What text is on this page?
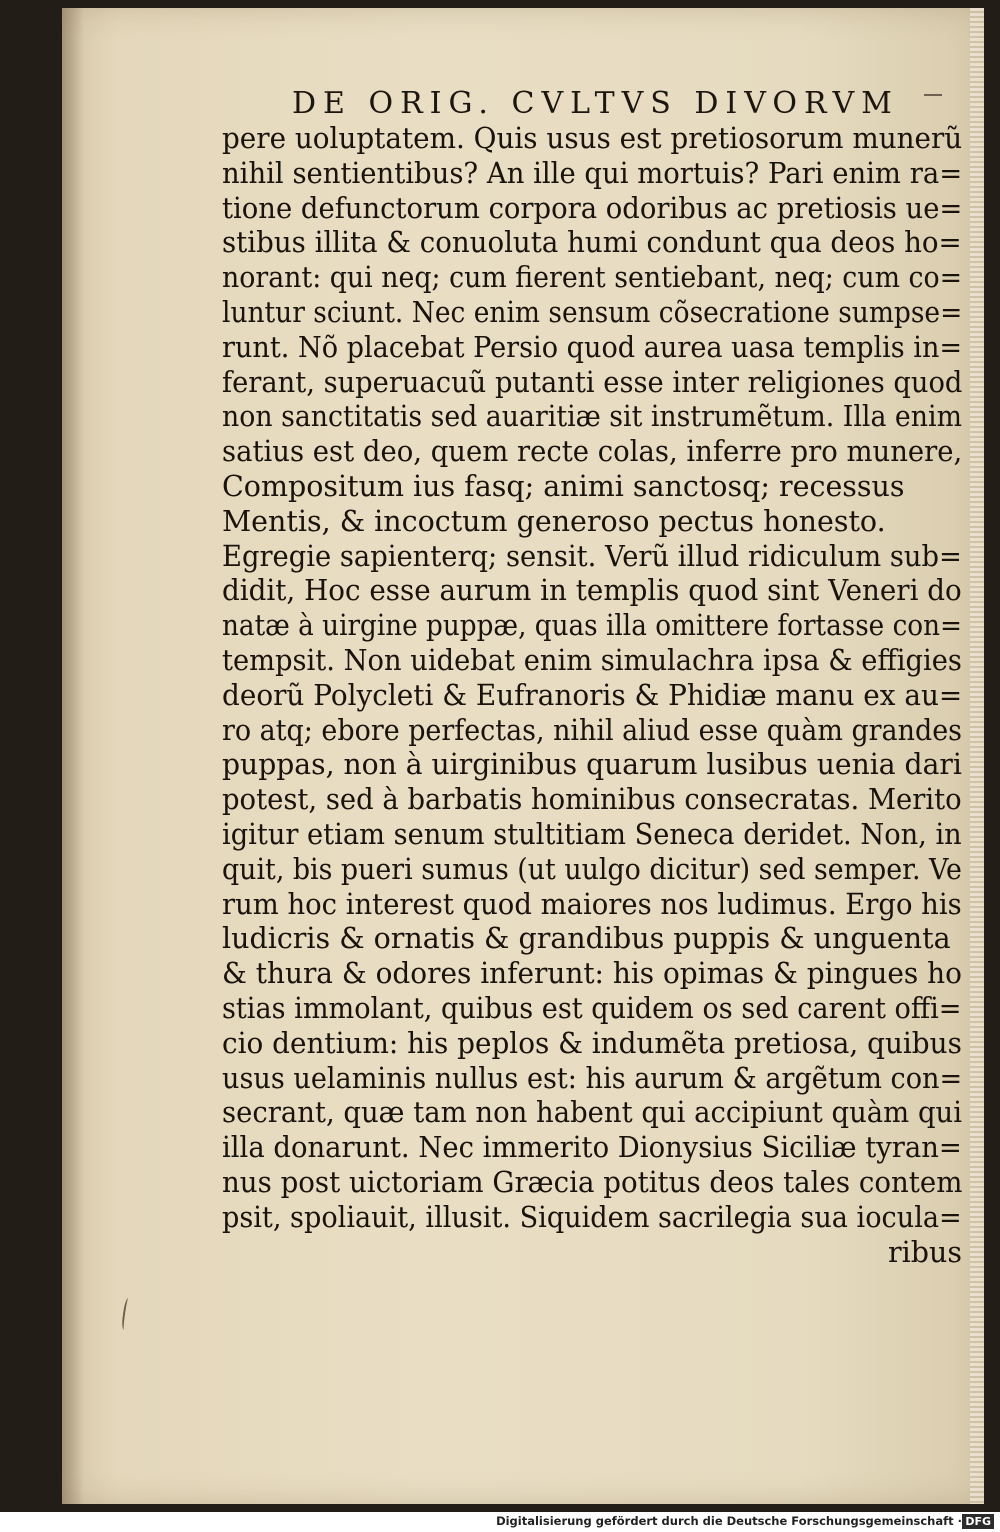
DE ORIG. CVLTVS DIVORVM
pere uoluptatem. Quis usus est pretiosorum munerũ
nihil sentientibus? An ille qui mortuis? Pari enim ra=
tione defunctorum corpora odoribus ac pretiosis ue=
stibus illita & conuoluta humi condunt qua deos ho=
norant: qui neq; cum fierent sentiebant, neq; cum co=
luntur sciunt. Nec enim sensum cõsecratione sumpse=
runt. Nõ placebat Persio quod aurea uasa templis in=
ferant, superuacuũ putanti esse inter religiones quod
non sanctitatis sed auaritiæ sit instrumẽtum. Illa enim
satius est deo, quem recte colas, inferre pro munere,
Compositum ius fasq; animi sanctosq; recessus
Mentis, & incoctum generoso pectus honesto.
Egregie sapienterq; sensit. Verũ illud ridiculum sub=
didit, Hoc esse aurum in templis quod sint Veneri do
natæ à uirgine puppæ, quas illa omittere fortasse con=
tempsit. Non uidebat enim simulachra ipsa & effigies
deorũ Polycleti & Eufranoris & Phidiæ manu ex au=
ro atq; ebore perfectas, nihil aliud esse quàm grandes
puppas, non à uirginibus quarum lusibus uenia dari
potest, sed à barbatis hominibus consecratas. Merito
igitur etiam senum stultitiam Seneca deridet. Non, in
quit, bis pueri sumus (ut uulgo dicitur) sed semper. Ve
rum hoc interest quod maiores nos ludimus. Ergo his
ludicris & ornatis & grandibus puppis & unguenta
& thura & odores inferunt: his opimas & pingues ho
stias immolant, quibus est quidem os sed carent offi=
cio dentium: his peplos & indumẽta pretiosa, quibus
usus uelaminis nullus est: his aurum & argẽtum con=
secrant, quæ tam non habent qui accipiunt quàm qui
illa donarunt. Nec immerito Dionysius Siciliæ tyran=
nus post uictoriam Græcia potitus deos tales contem
psit, spoliauit, illusit. Siquidem sacrilegia sua iocula=
ribus
Digitalisierung gefördert durch die Deutsche Forschungsgemeinschaft · DFG
